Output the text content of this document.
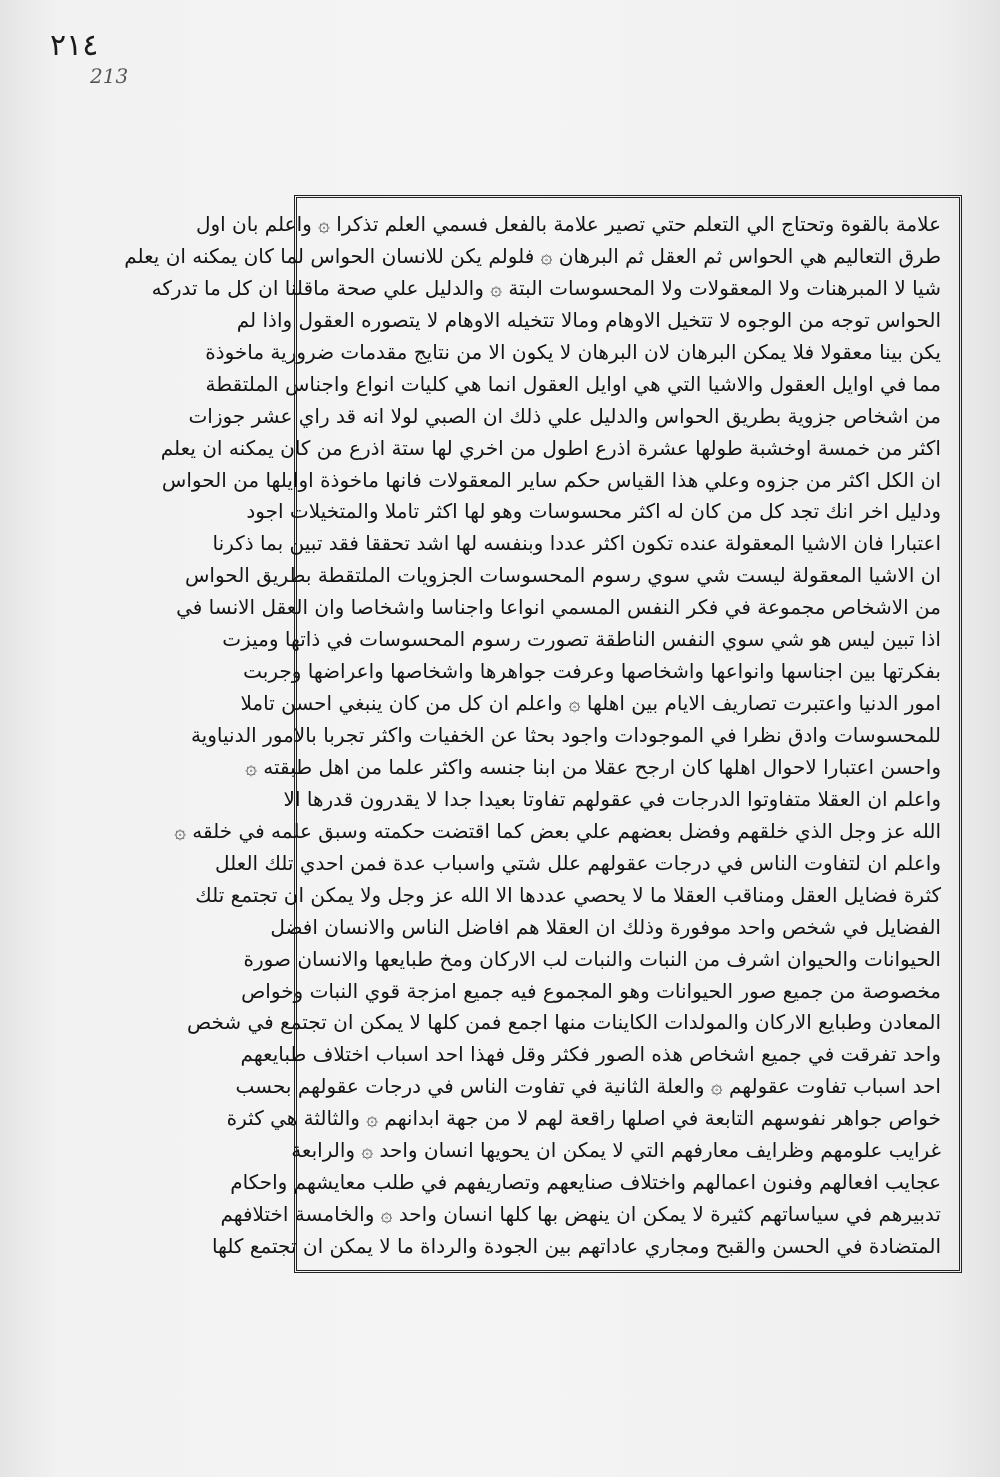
٢١٤
213
علامة بالقوة وتحتاج الي التعلم حتي تصير علامة بالفعل فسمي العلم تذكرا ۞ واعلم بان اول
طرق التعاليم هي الحواس ثم العقل ثم البرهان ۞ فلولم يكن للانسان الحواس لما كان يمكنه ان يعلم
شيا لا المبرهنات ولا المعقولات ولا المحسوسات البتة ۞ والدليل علي صحة ماقلنا ان كل ما تدركه
الحواس توجه من الوجوه لا تتخيل الاوهام ومالا تتخيله الاوهام لا يتصوره العقول واذا لم
يكن بينا معقولا فلا يمكن البرهان لان البرهان لا يكون الا من نتايج مقدمات ضرورية ماخوذة
مما في اوايل العقول والاشيا التي هي اوايل العقول انما هي كليات انواع واجناس الملتقطة
من اشخاص جزوية بطريق الحواس والدليل علي ذلك ان الصبي لولا انه قد راي عشر جوزات
اكثر من خمسة اوخشبة طولها عشرة اذرع اطول من اخري لها ستة اذرع من كان يمكنه ان يعلم
ان الكل اكثر من جزوه وعلي هذا القياس حكم ساير المعقولات فانها ماخوذة اوايلها من الحواس
ودليل اخر انك تجد كل من كان له اكثر محسوسات وهو لها اكثر تاملا والمتخيلات اجود
اعتبارا فان الاشيا المعقولة عنده تكون اكثر عددا وبنفسه لها اشد تحققا فقد تبين بما ذكرنا
ان الاشيا المعقولة ليست شي سوي رسوم المحسوسات الجزويات الملتقطة بطريق الحواس
من الاشخاص مجموعة في فكر النفس المسمي انواعا واجناسا واشخاصا وان العقل الانسا في
اذا تبين ليس هو شي سوي النفس الناطقة تصورت رسوم المحسوسات في ذاتها وميزت
بفكرتها بين اجناسها وانواعها واشخاصها وعرفت جواهرها واشخاصها واعراضها وجربت
امور الدنيا واعتبرت تصاريف الايام بين اهلها ۞ واعلم ان كل من كان ينبغي احسن تاملا
للمحسوسات وادق نظرا في الموجودات واجود بحثا عن الخفيات واكثر تجربا بالامور الدنياوية
واحسن اعتبارا لاحوال اهلها كان ارجح عقلا من ابنا جنسه واكثر علما من اهل طبقته ۞
واعلم ان العقلا متفاوتوا الدرجات في عقولهم تفاوتا بعيدا جدا لا يقدرون قدرها الا
الله عز وجل الذي خلقهم وفضل بعضهم علي بعض كما اقتضت حكمته وسبق علمه في خلقه ۞
واعلم ان لتفاوت الناس في درجات عقولهم علل شتي واسباب عدة فمن احدي تلك العلل
كثرة فضايل العقل ومناقب العقلا ما لا يحصي عددها الا الله عز وجل ولا يمكن ان تجتمع تلك
الفضايل في شخص واحد موفورة وذلك ان العقلا هم افاضل الناس والانسان افضل
الحيوانات والحيوان اشرف من النبات والنبات لب الاركان ومخ طبايعها والانسان صورة
مخصوصة من جميع صور الحيوانات وهو المجموع فيه جميع امزجة قوي النبات وخواص
المعادن وطبايع الاركان والمولدات الكاينات منها اجمع فمن كلها لا يمكن ان تجتمع في شخص
واحد تفرقت في جميع اشخاص هذه الصور فكثر وقل فهذا احد اسباب اختلاف طبايعهم
احد اسباب تفاوت عقولهم ۞ والعلة الثانية في تفاوت الناس في درجات عقولهم بحسب
خواص جواهر نفوسهم التابعة في اصلها راقعة لهم لا من جهة ابدانهم ۞ والثالثة هي كثرة
غرايب علومهم وظرايف معارفهم التي لا يمكن ان يحويها انسان واحد ۞ والرابعة
عجايب افعالهم وفنون اعمالهم واختلاف صنايعهم وتصاريفهم في طلب معايشهم واحكام
تدبيرهم في سياساتهم كثيرة لا يمكن ان ينهض بها كلها انسان واحد ۞ والخامسة اختلافهم
المتضادة في الحسن والقبح ومجاري عاداتهم بين الجودة والرداة ما لا يمكن ان تجتمع كلها
